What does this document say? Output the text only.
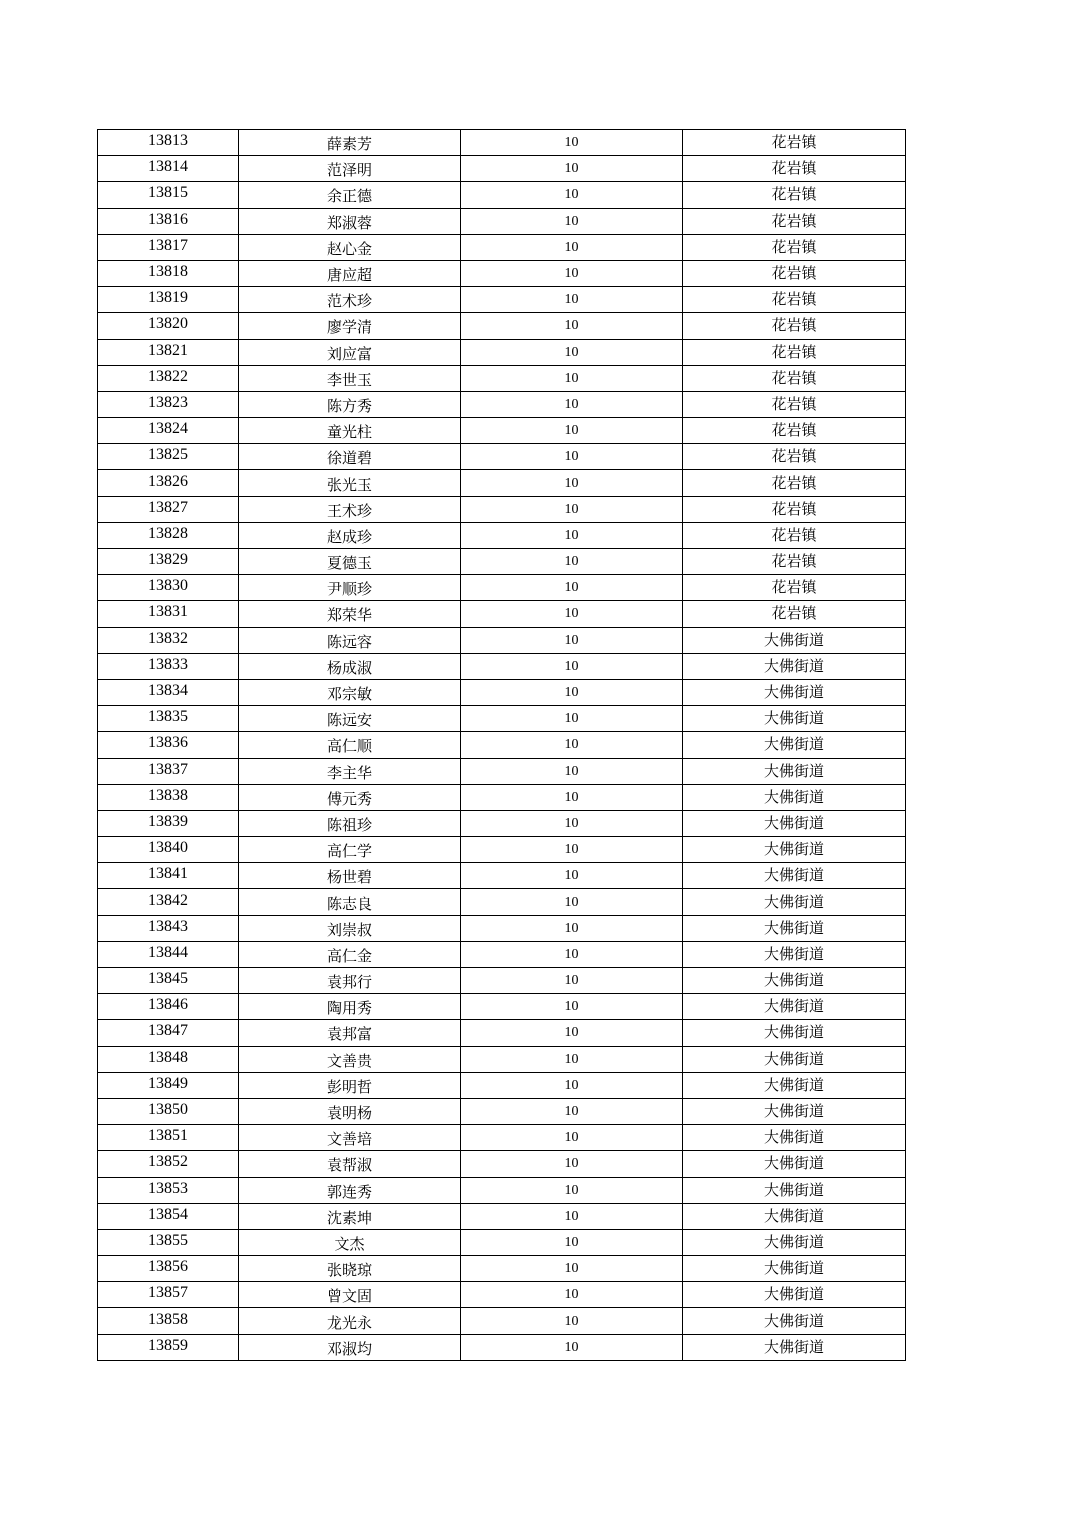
13813	薛素芳	10	花岩镇
13814	范泽明	10	花岩镇
13815	余正德	10	花岩镇
13816	郑淑蓉	10	花岩镇
13817	赵心金	10	花岩镇
13818	唐应超	10	花岩镇
13819	范术珍	10	花岩镇
13820	廖学清	10	花岩镇
13821	刘应富	10	花岩镇
13822	李世玉	10	花岩镇
13823	陈方秀	10	花岩镇
13824	童光柱	10	花岩镇
13825	徐道碧	10	花岩镇
13826	张光玉	10	花岩镇
13827	王术珍	10	花岩镇
13828	赵成珍	10	花岩镇
13829	夏德玉	10	花岩镇
13830	尹顺珍	10	花岩镇
13831	郑荣华	10	花岩镇
13832	陈远容	10	大佛街道
13833	杨成淑	10	大佛街道
13834	邓宗敏	10	大佛街道
13835	陈远安	10	大佛街道
13836	高仁顺	10	大佛街道
13837	李主华	10	大佛街道
13838	傅元秀	10	大佛街道
13839	陈祖珍	10	大佛街道
13840	高仁学	10	大佛街道
13841	杨世碧	10	大佛街道
13842	陈志良	10	大佛街道
13843	刘崇叔	10	大佛街道
13844	高仁金	10	大佛街道
13845	袁邦行	10	大佛街道
13846	陶用秀	10	大佛街道
13847	袁邦富	10	大佛街道
13848	文善贵	10	大佛街道
13849	彭明哲	10	大佛街道
13850	袁明杨	10	大佛街道
13851	文善培	10	大佛街道
13852	袁帮淑	10	大佛街道
13853	郭连秀	10	大佛街道
13854	沈素坤	10	大佛街道
13855	文杰	10	大佛街道
13856	张晓琼	10	大佛街道
13857	曾文固	10	大佛街道
13858	龙光永	10	大佛街道
13859	邓淑均	10	大佛街道
